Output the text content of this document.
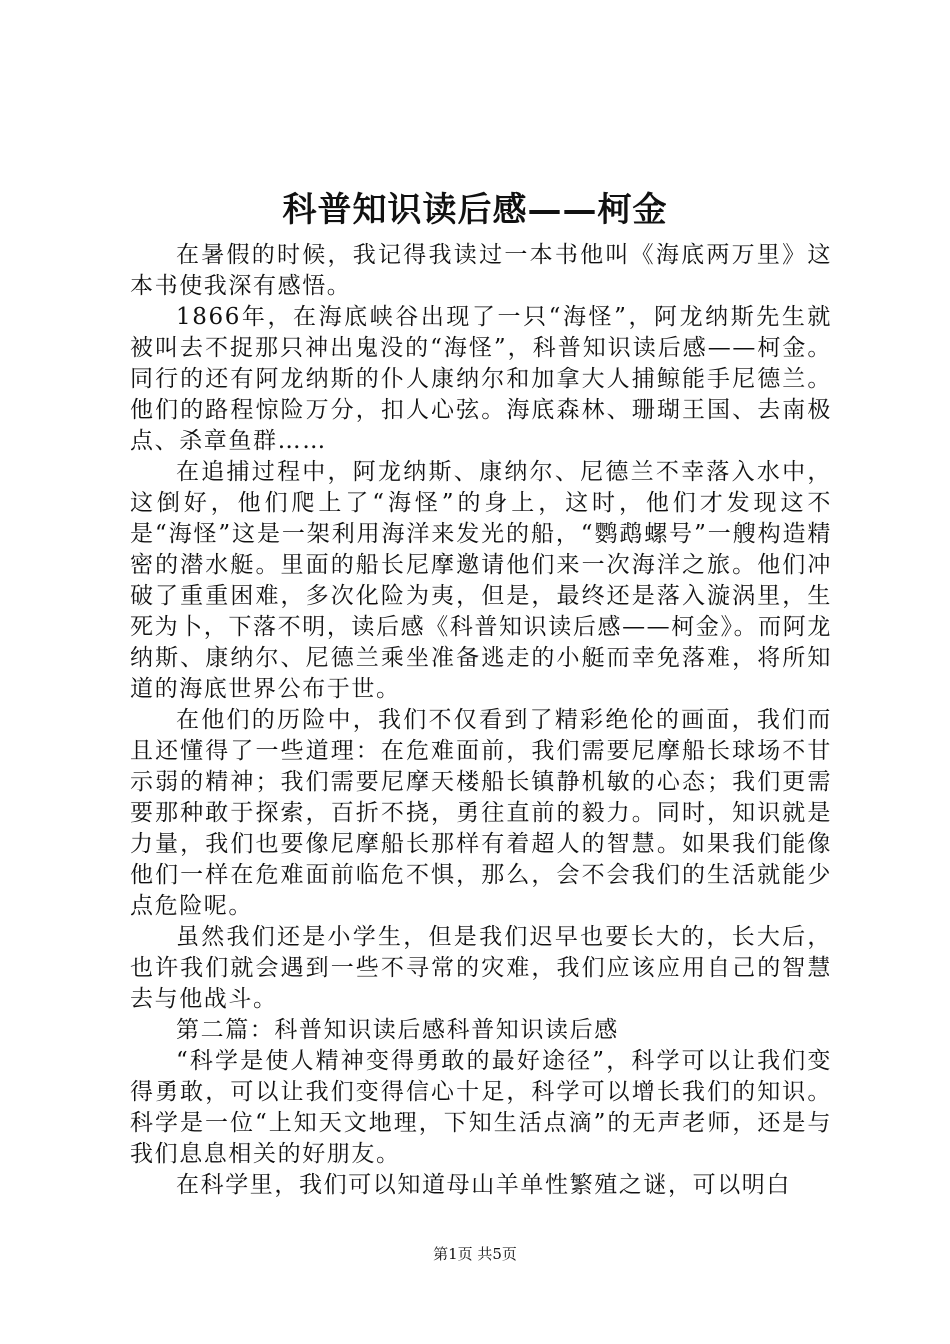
科普知识读后感——柯金

在暑假的时候，我记得我读过一本书他叫《海底两万里》这本书使我深有感悟。

1866年，在海底峡谷出现了一只“海怪”，阿龙纳斯先生就被叫去不捉那只神出鬼没的“海怪”，科普知识读后感——柯金。同行的还有阿龙纳斯的仆人康纳尔和加拿大人捕鲸能手尼德兰。他们的路程惊险万分，扣人心弦。海底森林、珊瑚王国、去南极点、杀章鱼群……

在追捕过程中，阿龙纳斯、康纳尔、尼德兰不幸落入水中，这倒好，他们爬上了“海怪”的身上，这时，他们才发现这不是“海怪”这是一架利用海洋来发光的船，“鹦鹉螺号”一艘构造精密的潜水艇。里面的船长尼摩邀请他们来一次海洋之旅。他们冲破了重重困难，多次化险为夷，但是，最终还是落入漩涡里，生死为卜，下落不明，读后感《科普知识读后感——柯金》。而阿龙纳斯、康纳尔、尼德兰乘坐准备逃走的小艇而幸免落难，将所知道的海底世界公布于世。

在他们的历险中，我们不仅看到了精彩绝伦的画面，我们而且还懂得了一些道理：在危难面前，我们需要尼摩船长球场不甘示弱的精神；我们需要尼摩天楼船长镇静机敏的心态；我们更需要那种敢于探索，百折不挠，勇往直前的毅力。同时，知识就是力量，我们也要像尼摩船长那样有着超人的智慧。如果我们能像他们一样在危难面前临危不惧，那么，会不会我们的生活就能少点危险呢。

虽然我们还是小学生，但是我们迟早也要长大的，长大后，也许我们就会遇到一些不寻常的灾难，我们应该应用自己的智慧去与他战斗。

第二篇：科普知识读后感科普知识读后感

“科学是使人精神变得勇敢的最好途径”，科学可以让我们变得勇敢，可以让我们变得信心十足，科学可以增长我们的知识。科学是一位“上知天文地理，下知生活点滴”的无声老师，还是与我们息息相关的好朋友。

在科学里，我们可以知道母山羊单性繁殖之谜，可以明白

第1页 共5页
